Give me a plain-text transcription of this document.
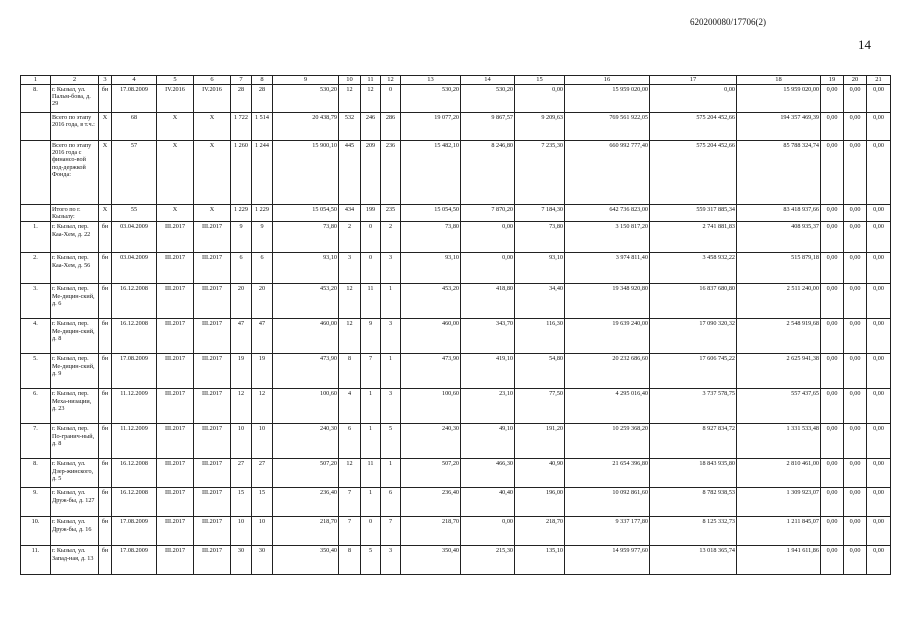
620200080/17706(2)
14
1	2	3	4	5	6	7	8	9	10	11	12	13	14	15	16	17	18	19	20	21
8.	г. Кызыл, ул. Пальм-бова, д. 29	бн	17.08.2009	IV.2016	IV.2016	28	28	530,20	12	12	0	530,20	530,20	0,00	15 959 020,00	0,00	15 959 020,00	0,00	0,00	0,00
	Всего по этапу 2016 года, в т.ч.:	X	68	X	X	1 722	1 514	20 438,79	532	246	286	19 077,20	9 867,57	9 209,63	769 561 922,05	575 204 452,66	194 357 469,39	0,00	0,00	0,00
	Всего по этапу 2016 года с финансо-вой под-держкой Фонда:	X	57	X	X	1 260	1 244	15 900,10	445	209	236	15 482,10	8 246,80	7 235,30	660 992 777,40	575 204 452,66	85 788 324,74	0,00	0,00	0,00
	Итого по г. Кызылу:	X	55	X	X	1 229	1 229	15 054,50	434	199	235	15 054,50	7 870,20	7 184,30	642 736 823,00	559 317 885,34	83 418 937,66	0,00	0,00	0,00
1.	г. Кызыл, пер. Каа-Хем, д. 22	бн	03.04.2009	III.2017	III.2017	9	9	73,80	2	0	2	73,80	0,00	73,80	3 150 817,20	2 741 881,83	408 935,37	0,00	0,00	0,00
2.	г. Кызыл, пер. Каа-Хем, д. 56	бн	03.04.2009	III.2017	III.2017	6	6	93,10	3	0	3	93,10	0,00	93,10	3 974 811,40	3 458 932,22	515 879,18	0,00	0,00	0,00
3.	г. Кызыл, пер. Ме-дицин-ский, д. 6	бн	16.12.2008	III.2017	III.2017	20	20	453,20	12	11	1	453,20	418,80	34,40	19 348 920,80	16 837 680,80	2 511 240,00	0,00	0,00	0,00
4.	г. Кызыл, пер. Ме-дицин-ский, д. 8	бн	16.12.2008	III.2017	III.2017	47	47	460,00	12	9	3	460,00	343,70	116,30	19 639 240,00	17 090 320,32	2 548 919,68	0,00	0,00	0,00
5.	г. Кызыл, пер. Ме-дицин-ский, д. 9	бн	17.08.2009	III.2017	III.2017	19	19	473,90	8	7	1	473,90	419,10	54,80	20 232 686,60	17 606 745,22	2 625 941,38	0,00	0,00	0,00
6.	г. Кызыл, пер. Меха-низации, д. 23	бн	11.12.2009	III.2017	III.2017	12	12	100,60	4	1	3	100,60	23,10	77,50	4 295 016,40	3 737 578,75	557 437,65	0,00	0,00	0,00
7.	г. Кызыл, пер. По-гранич-ный, д. 8	бн	11.12.2009	III.2017	III.2017	10	10	240,30	6	1	5	240,30	49,10	191,20	10 259 368,20	8 927 834,72	1 331 533,48	0,00	0,00	0,00
8.	г. Кызыл, ул. Дзер-жинского, д. 5	бн	16.12.2008	III.2017	III.2017	27	27	507,20	12	11	1	507,20	466,30	40,90	21 654 396,80	18 843 935,80	2 810 461,00	0,00	0,00	0,00
9.	г. Кызыл, ул. Друж-бы, д. 127	бн	16.12.2008	III.2017	III.2017	15	15	236,40	7	1	6	236,40	40,40	196,00	10 092 861,60	8 782 938,53	1 309 923,07	0,00	0,00	0,00
10.	г. Кызыл, ул. Друж-бы, д. 16	бн	17.08.2009	III.2017	III.2017	10	10	218,70	7	0	7	218,70	0,00	218,70	9 337 177,80	8 125 332,73	1 211 845,07	0,00	0,00	0,00
11.	г. Кызыл, ул. Запад-ная, д. 13	бн	17.08.2009	III.2017	III.2017	30	30	350,40	8	5	3	350,40	215,30	135,10	14 959 977,60	13 018 365,74	1 941 611,86	0,00	0,00	0,00
